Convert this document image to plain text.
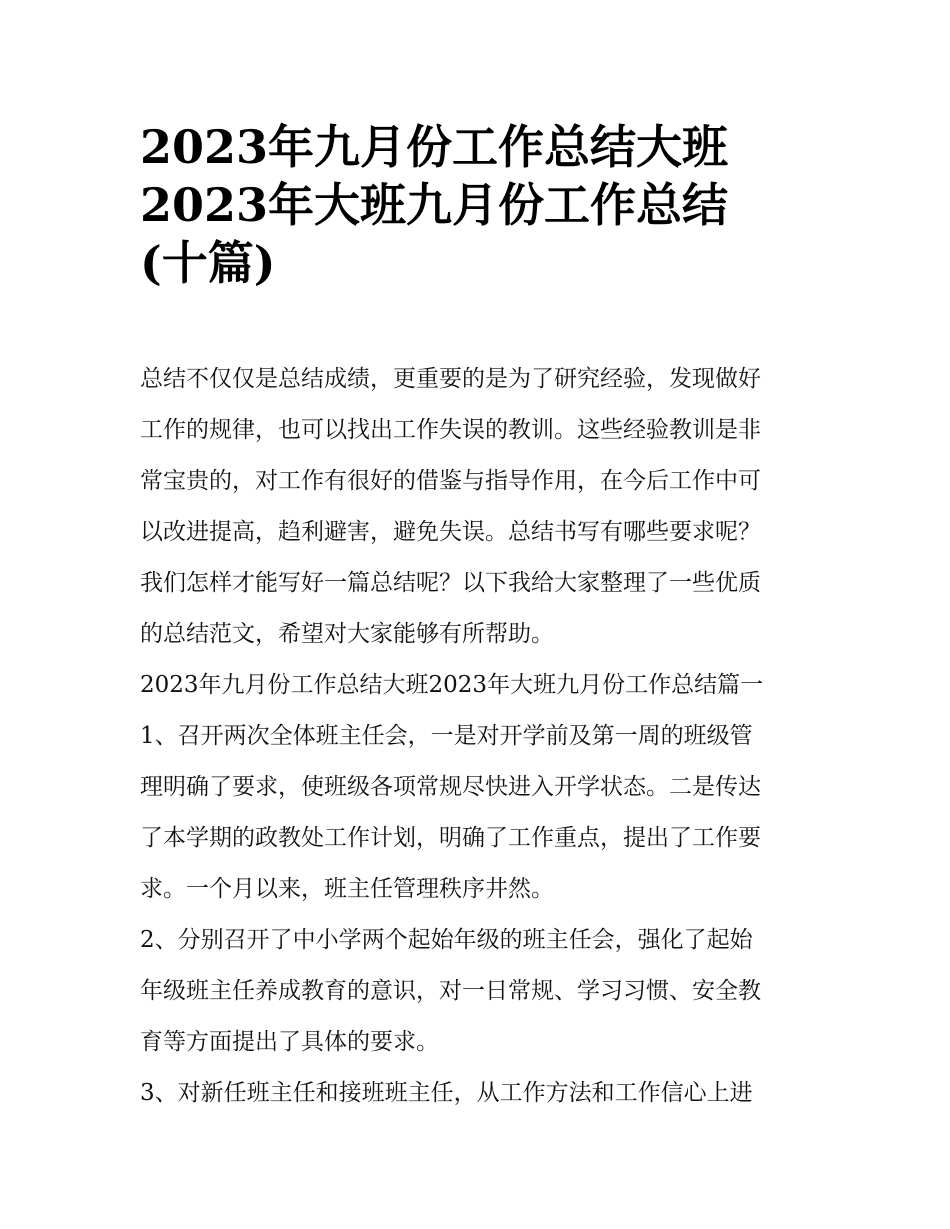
2023年九月份工作总结大班
2023年大班九月份工作总结
(十篇)
总结不仅仅是总结成绩，更重要的是为了研究经验，发现做好
工作的规律，也可以找出工作失误的教训。这些经验教训是非
常宝贵的，对工作有很好的借鉴与指导作用，在今后工作中可
以改进提高，趋利避害，避免失误。总结书写有哪些要求呢？
我们怎样才能写好一篇总结呢？以下我给大家整理了一些优质
的总结范文，希望对大家能够有所帮助。
2023年九月份工作总结大班2023年大班九月份工作总结篇一
1、召开两次全体班主任会，一是对开学前及第一周的班级管
理明确了要求，使班级各项常规尽快进入开学状态。二是传达
了本学期的政教处工作计划，明确了工作重点，提出了工作要
求。一个月以来，班主任管理秩序井然。
2、分别召开了中小学两个起始年级的班主任会，强化了起始
年级班主任养成教育的意识，对一日常规、学习习惯、安全教
育等方面提出了具体的要求。
3、对新任班主任和接班班主任，从工作方法和工作信心上进
